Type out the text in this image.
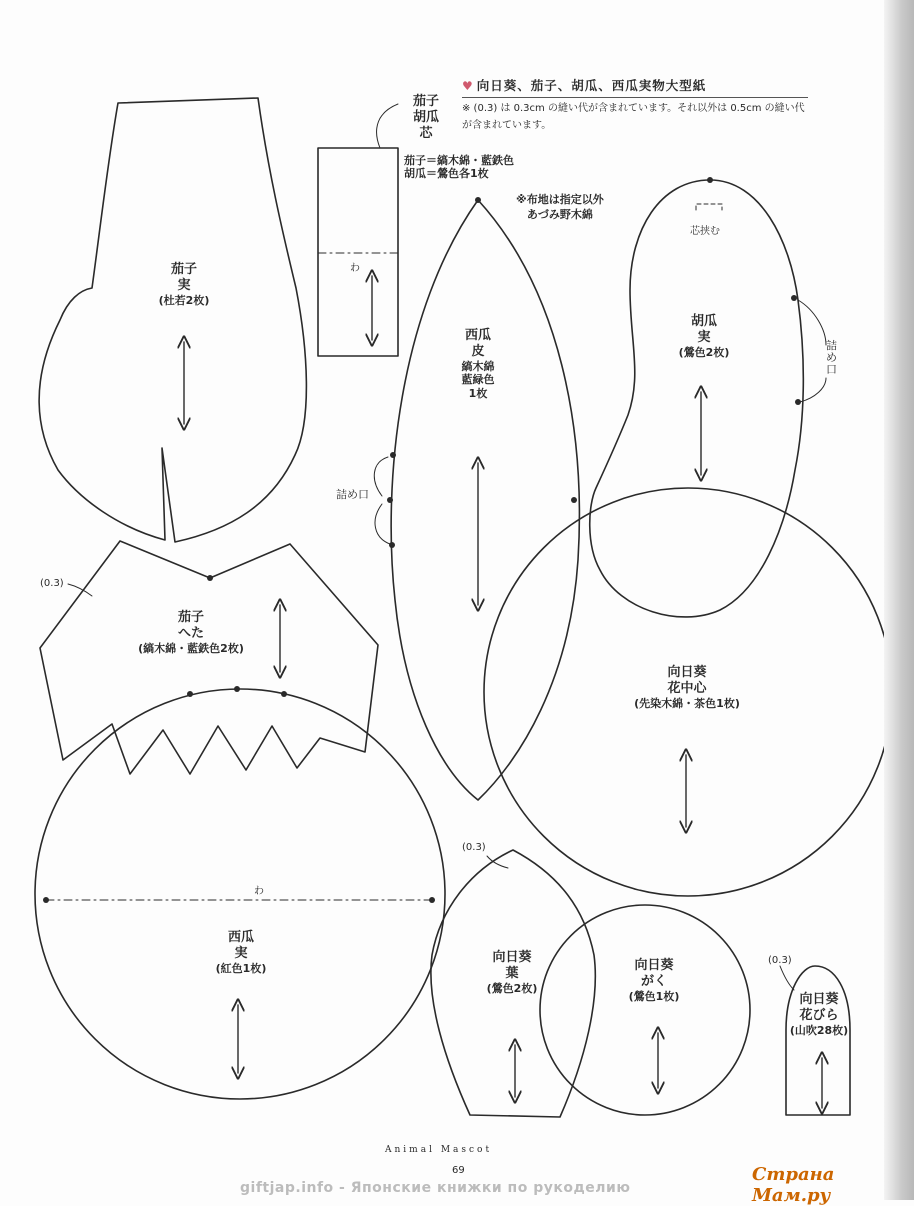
♥ 向日葵、茄子、胡瓜、西瓜実物大型紙
※ (0.3) は 0.3cm の縫い代が含まれています。それ以外は 0.5cm の縫い代が含まれています。
※布地は指定以外
あづみ野木綿
茄子
実
(杜若2枚)
茄子
胡瓜
芯
茄子＝縞木綿・藍鉄色
胡瓜＝鶯色各1枚
わ
西瓜
皮
縞木綿
藍緑色
1枚
詰め口
胡瓜
実
(鶯色2枚)
芯挟む
詰
め
口
茄子
へた
(縞木綿・藍鉄色2枚)
(0.3)
向日葵
花中心
(先染木綿・茶色1枚)
西瓜
実
(紅色1枚)
わ
向日葵
葉
(鶯色2枚)
(0.3)
向日葵
がく
(鶯色1枚)	向日葵
花びら
(山吹28枚)
(0.3)
Animal Mascot
69
giftjap.info - Японские книжки по рукоделию
Страна Мам.ру
